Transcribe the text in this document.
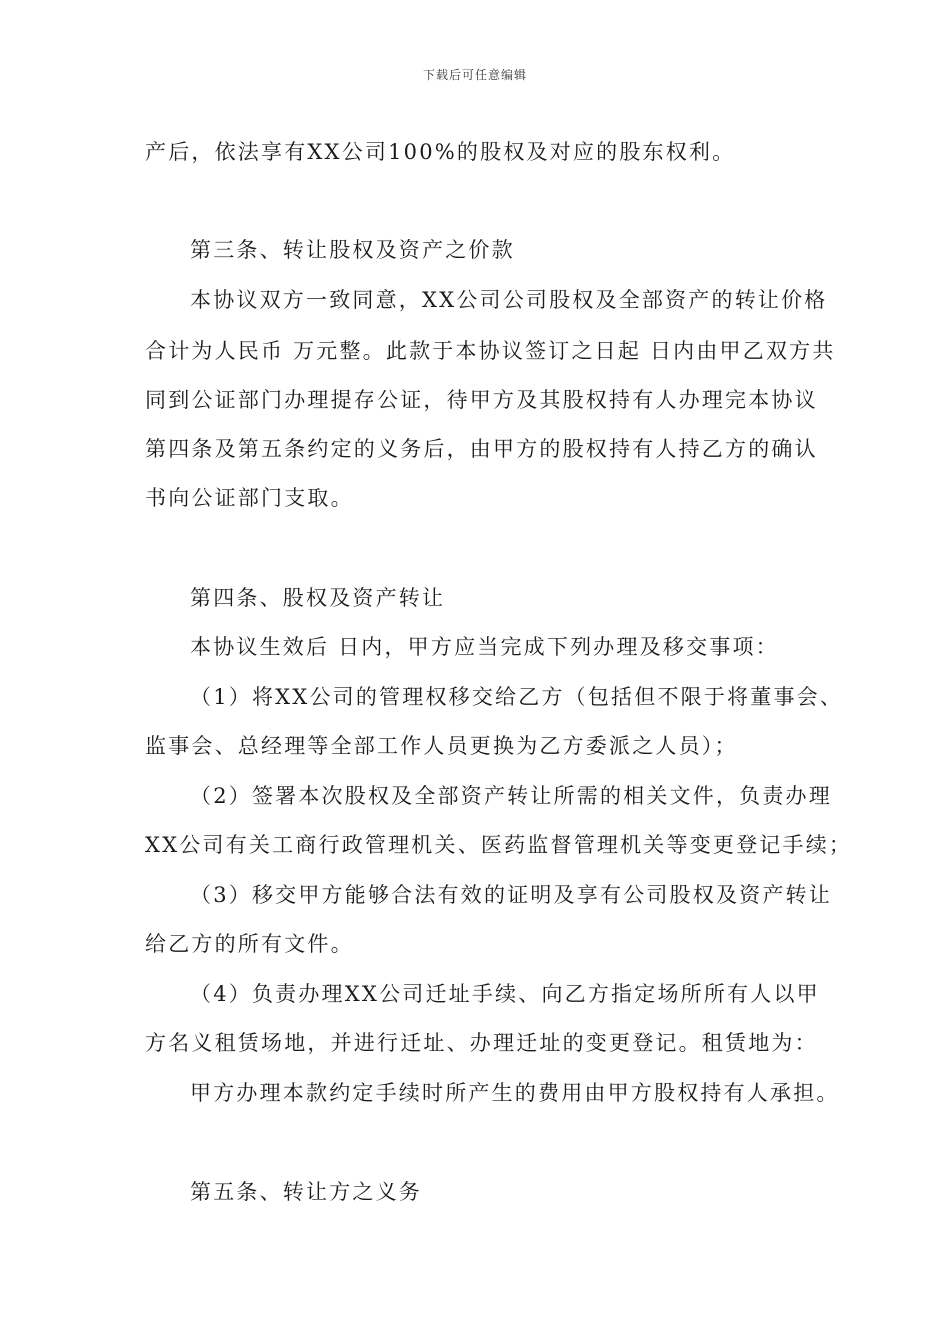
下载后可任意编辑
产后，依法享有XX公司100%的股权及对应的股东权利。
第三条、转让股权及资产之价款
本协议双方一致同意，XX公司公司股权及全部资产的转让价格
合计为人民币 万元整。此款于本协议签订之日起 日内由甲乙双方共
同到公证部门办理提存公证，待甲方及其股权持有人办理完本协议
第四条及第五条约定的义务后，由甲方的股权持有人持乙方的确认
书向公证部门支取。
第四条、股权及资产转让
本协议生效后 日内，甲方应当完成下列办理及移交事项：
（1）将XX公司的管理权移交给乙方（包括但不限于将董事会、
监事会、总经理等全部工作人员更换为乙方委派之人员）；
（2）签署本次股权及全部资产转让所需的相关文件，负责办理
XX公司有关工商行政管理机关、医药监督管理机关等变更登记手续；
（3）移交甲方能够合法有效的证明及享有公司股权及资产转让
给乙方的所有文件。
（4）负责办理XX公司迁址手续、向乙方指定场所所有人以甲
方名义租赁场地，并进行迁址、办理迁址的变更登记。租赁地为：
甲方办理本款约定手续时所产生的费用由甲方股权持有人承担。
第五条、转让方之义务
